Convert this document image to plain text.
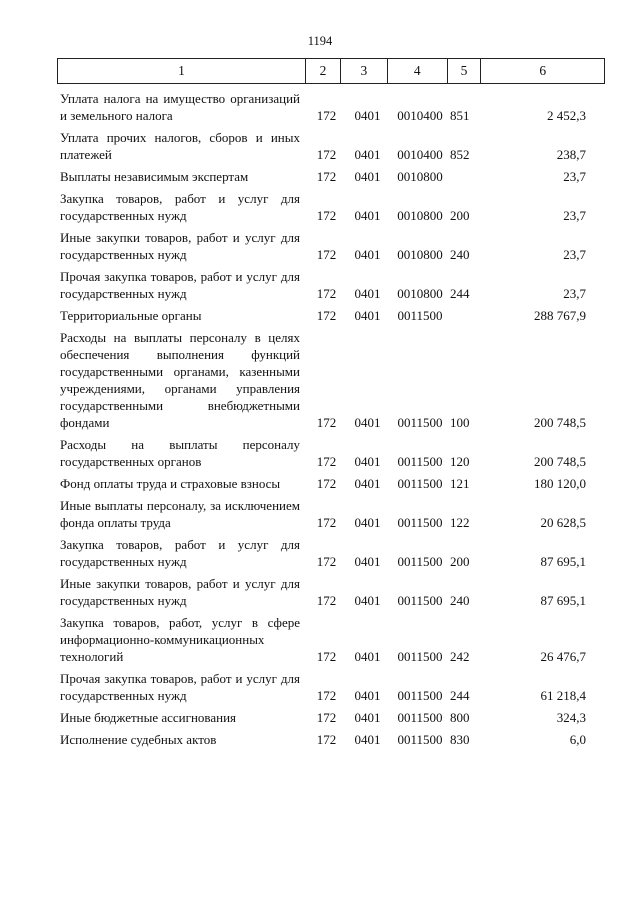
1194
1	2	3	4	5	6
Уплата налога на имущество организаций и земельного налога	172	0401	0010400 851	2 452,3
Уплата прочих налогов, сборов и иных платежей	172	0401	0010400 852	238,7
Выплаты независимым экспертам	172	0401	0010800	23,7
Закупка товаров, работ и услуг для государственных нужд	172	0401	0010800 200	23,7
Иные закупки товаров, работ и услуг для государственных нужд	172	0401	0010800 240	23,7
Прочая закупка товаров, работ и услуг для государственных нужд	172	0401	0010800 244	23,7
Территориальные органы	172	0401	0011500	288 767,9
Расходы на выплаты персоналу в целях обеспечения выполнения функций государственными органами, казенными учреждениями, органами управления государственными внебюджетными фондами	172	0401	0011500 100	200 748,5
Расходы на выплаты персоналу государственных органов	172	0401	0011500 120	200 748,5
Фонд оплаты труда и страховые взносы	172	0401	0011500 121	180 120,0
Иные выплаты персоналу, за исключением фонда оплаты труда	172	0401	0011500 122	20 628,5
Закупка товаров, работ и услуг для государственных нужд	172	0401	0011500 200	87 695,1
Иные закупки товаров, работ и услуг для государственных нужд	172	0401	0011500 240	87 695,1
Закупка товаров, работ, услуг в сфере информационно-коммуникационных технологий	172	0401	0011500 242	26 476,7
Прочая закупка товаров, работ и услуг для государственных нужд	172	0401	0011500 244	61 218,4
Иные бюджетные ассигнования	172	0401	0011500 800	324,3
Исполнение судебных актов	172	0401	0011500 830	6,0
